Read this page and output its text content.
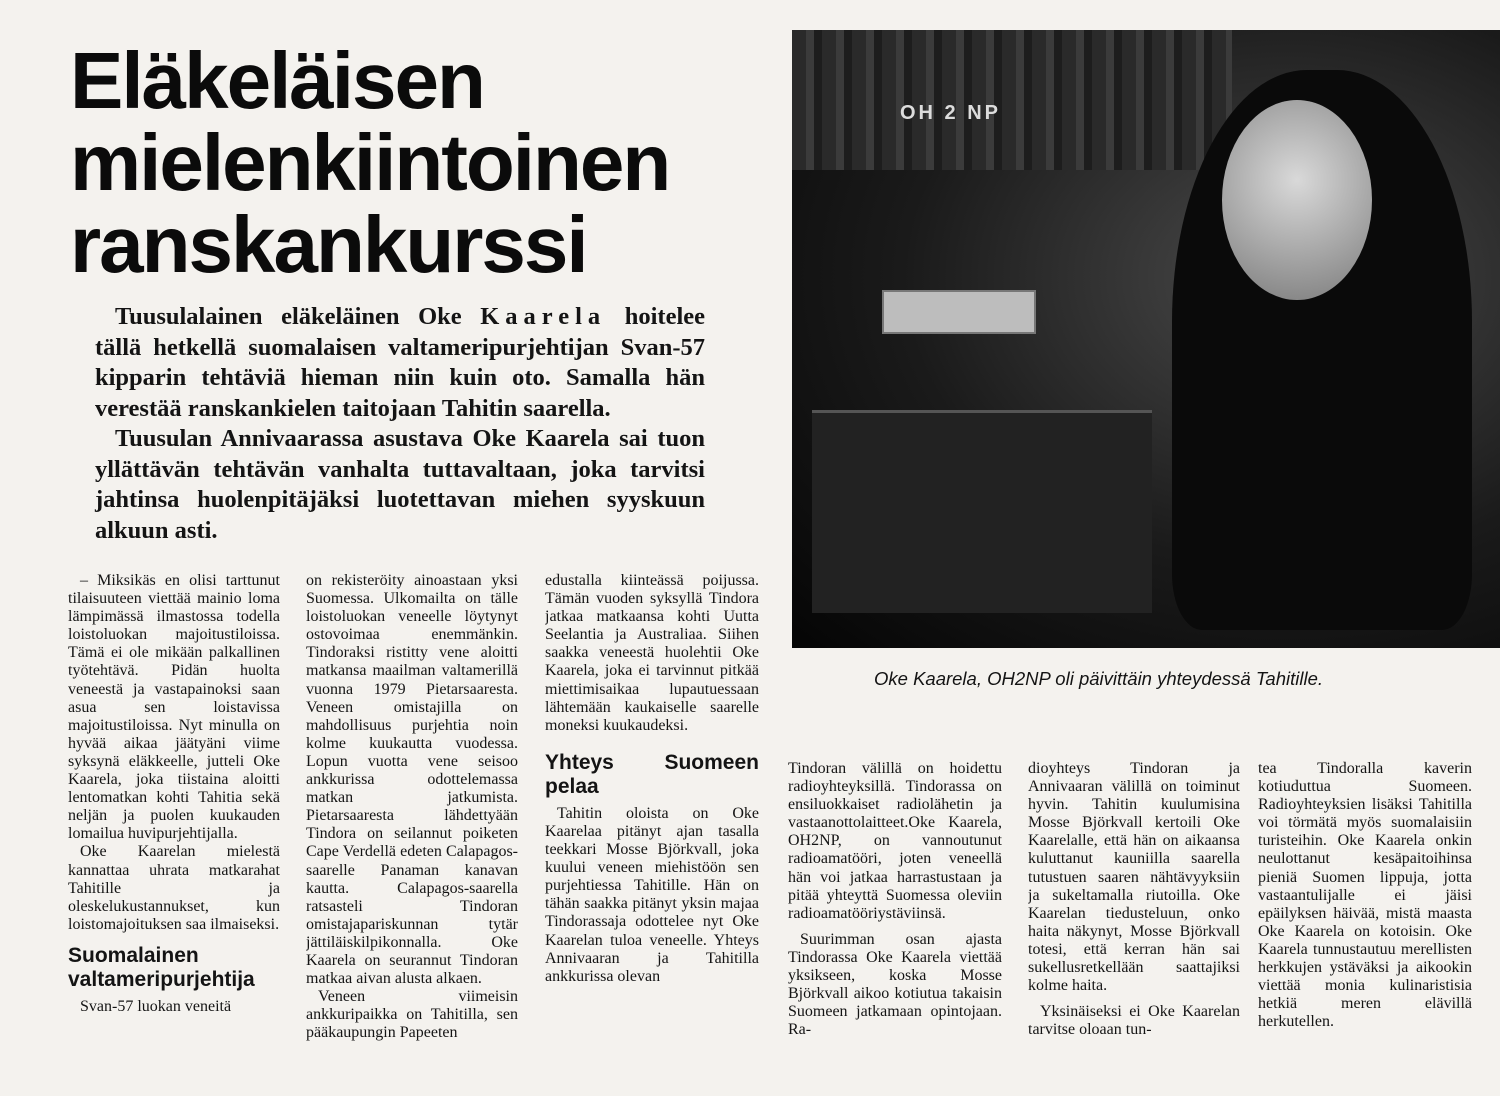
Eläkeläisen
mielenkiintoinen
ranskankurssi

Tuusulalainen eläkeläinen Oke Kaarela hoitelee tällä hetkellä suomalaisen valtameripurjehtijan Svan-57 kipparin tehtäviä hieman niin kuin oto. Samalla hän verestää ranskankielen taitojaan Tahitin saarella.

Tuusulan Annivaarassa asustava Oke Kaarela sai tuon yllättävän tehtävän vanhalta tuttavaltaan, joka tarvitsi jahtinsa huolenpitäjäksi luotettavan miehen syyskuun alkuun asti.

– Miksikäs en olisi tarttunut tilaisuuteen viettää mainio loma lämpimässä ilmastossa todella loistoluokan majoitustiloissa. Tämä ei ole mikään palkallinen työtehtävä. Pidän huolta veneestä ja vastapainoksi saan asua sen loistavissa majoitustiloissa. Nyt minulla on hyvää aikaa jäätyäni viime syksynä eläkkeelle, jutteli Oke Kaarela, joka tiistaina aloitti lentomatkan kohti Tahitia sekä neljän ja puolen kuukauden lomailua huvipurjehtijalla.

Oke Kaarelan mielestä kannattaa uhrata matkarahat Tahitille ja oleskelukustannukset, kun loistomajoituksen saa ilmaiseksi.

Suomalainen valtameripurjehtija

Svan-57 luokan veneitä

on rekisteröity ainoastaan yksi Suomessa. Ulkomailta on tälle loistoluokan veneelle löytynyt ostovoimaa enemmänkin. Tindoraksi ristitty vene aloitti matkansa maailman valtamerillä vuonna 1979 Pietarsaaresta. Veneen omistajilla on mahdollisuus purjehtia noin kolme kuukautta vuodessa. Lopun vuotta vene seisoo ankkurissa odottelemassa matkan jatkumista. Pietarsaaresta lähdettyään Tindora on seilannut poiketen Cape Verdellä edeten Calapagos-saarelle Panaman kanavan kautta. Calapagos-saarella ratsasteli Tindoran omistajapariskunnan tytär jättiläiskilpikonnalla. Oke Kaarela on seurannut Tindoran matkaa aivan alusta alkaen.

Veneen viimeisin ankkuripaikka on Tahitilla, sen pääkaupungin Papeeten

edustalla kiinteässä poijussa. Tämän vuoden syksyllä Tindora jatkaa matkaansa kohti Uutta Seelantia ja Australiaa. Siihen saakka veneestä huolehtii Oke Kaarela, joka ei tarvinnut pitkää miettimisaikaa lupautuessaan lähtemään kaukaiselle saarelle moneksi kuukaudeksi.

Yhteys Suomeen pelaa

Tahitin oloista on Oke Kaarelaa pitänyt ajan tasalla teekkari Mosse Björkvall, joka kuului veneen miehistöön sen purjehtiessa Tahitille. Hän on tähän saakka pitänyt yksin majaa Tindorassaja odottelee nyt Oke Kaarelan tuloa veneelle. Yhteys Annivaaran ja Tahitilla ankkurissa olevan

OH 2 NP
Oke Kaarela, OH2NP oli päivittäin yhteydessä Tahitille.

Tindoran välillä on hoidettu radioyhteyksillä. Tindorassa on ensiluokkaiset radiolähetin ja vastaanottolaitteet.Oke Kaarela, OH2NP, on vannoutunut radioamatööri, joten veneellä hän voi jatkaa harrastustaan ja pitää yhteyttä Suomessa oleviin radioamatööriystäviinsä.

Suurimman osan ajasta Tindorassa Oke Kaarela viettää yksikseen, koska Mosse Björkvall aikoo kotiutua takaisin Suomeen jatkamaan opintojaan. Ra-

dioyhteys Tindoran ja Annivaaran välillä on toiminut hyvin. Tahitin kuulumisina Mosse Björkvall kertoili Oke Kaarelalle, että hän on aikaansa kuluttanut kauniilla saarella tutustuen saaren nähtävyyksiin ja sukeltamalla riutoilla. Oke Kaarelan tiedusteluun, onko haita näkynyt, Mosse Björkvall totesi, että kerran hän sai sukellusretkellään saattajiksi kolme haita.

Yksinäiseksi ei Oke Kaarelan tarvitse oloaan tun-

tea Tindoralla kaverin kotiuduttua Suomeen. Radioyhteyksien lisäksi Tahitilla voi törmätä myös suomalaisiin turisteihin. Oke Kaarela onkin neulottanut kesäpaitoihinsa pieniä Suomen lippuja, jotta vastaantulijalle ei jäisi epäilyksen häivää, mistä maasta Oke Kaarela on kotoisin. Oke Kaarela tunnustautuu merellisten herkkujen ystäväksi ja aikookin viettää monia kulinaristisia hetkiä meren elävillä herkutellen.
